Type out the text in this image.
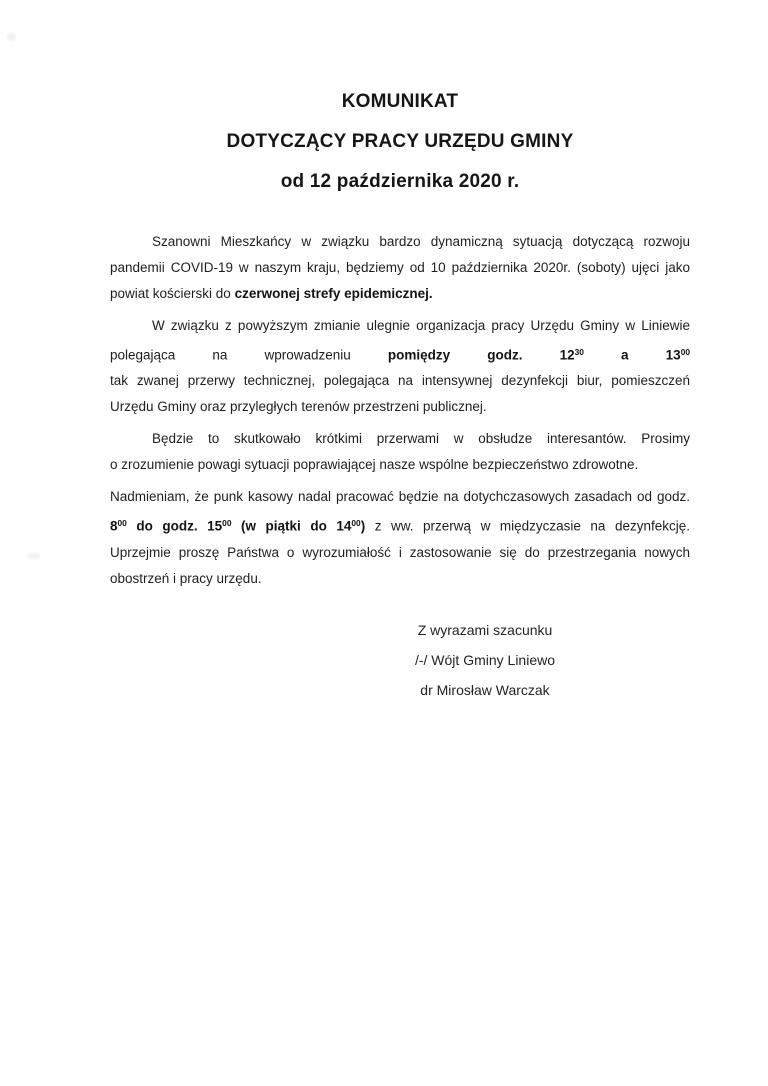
KOMUNIKAT
DOTYCZĄCY PRACY URZĘDU GMINY
od 12 października 2020 r.
Szanowni Mieszkańcy w związku bardzo dynamiczną sytuacją dotyczącą rozwoju
pandemii COVID-19 w naszym kraju, będziemy od 10 października 2020r. (soboty) ujęci jako
powiat kościerski do czerwonej strefy epidemicznej.
W związku z powyższym zmianie ulegnie organizacja pracy Urzędu Gminy w Liniewie
polegająca na wprowadzeniu pomiędzy godz. $12^{30}$ a $13^{00}$
tak zwanej przerwy technicznej, polegająca na intensywnej dezynfekcji biur, pomieszczeń
Urzędu Gminy oraz przyległych terenów przestrzeni publicznej.
Będzie to skutkowało krótkimi przerwami w obsłudze interesantów. Prosimy
o zrozumienie powagi sytuacji poprawiającej nasze wspólne bezpieczeństwo zdrowotne.
Nadmieniam, że punk kasowy nadal pracować będzie na dotychczasowych zasadach od godz.
$8^{00}$ do godz. $15^{00}$ (w piątki do $14^{00}$) z ww. przerwą w międzyczasie na dezynfekcję.
Uprzejmie proszę Państwa o wyrozumiałość i zastosowanie się do przestrzegania nowych
obostrzeń i pracy urzędu.
Z wyrazami szacunku
/-/ Wójt Gminy Liniewo
dr Mirosław Warczak
